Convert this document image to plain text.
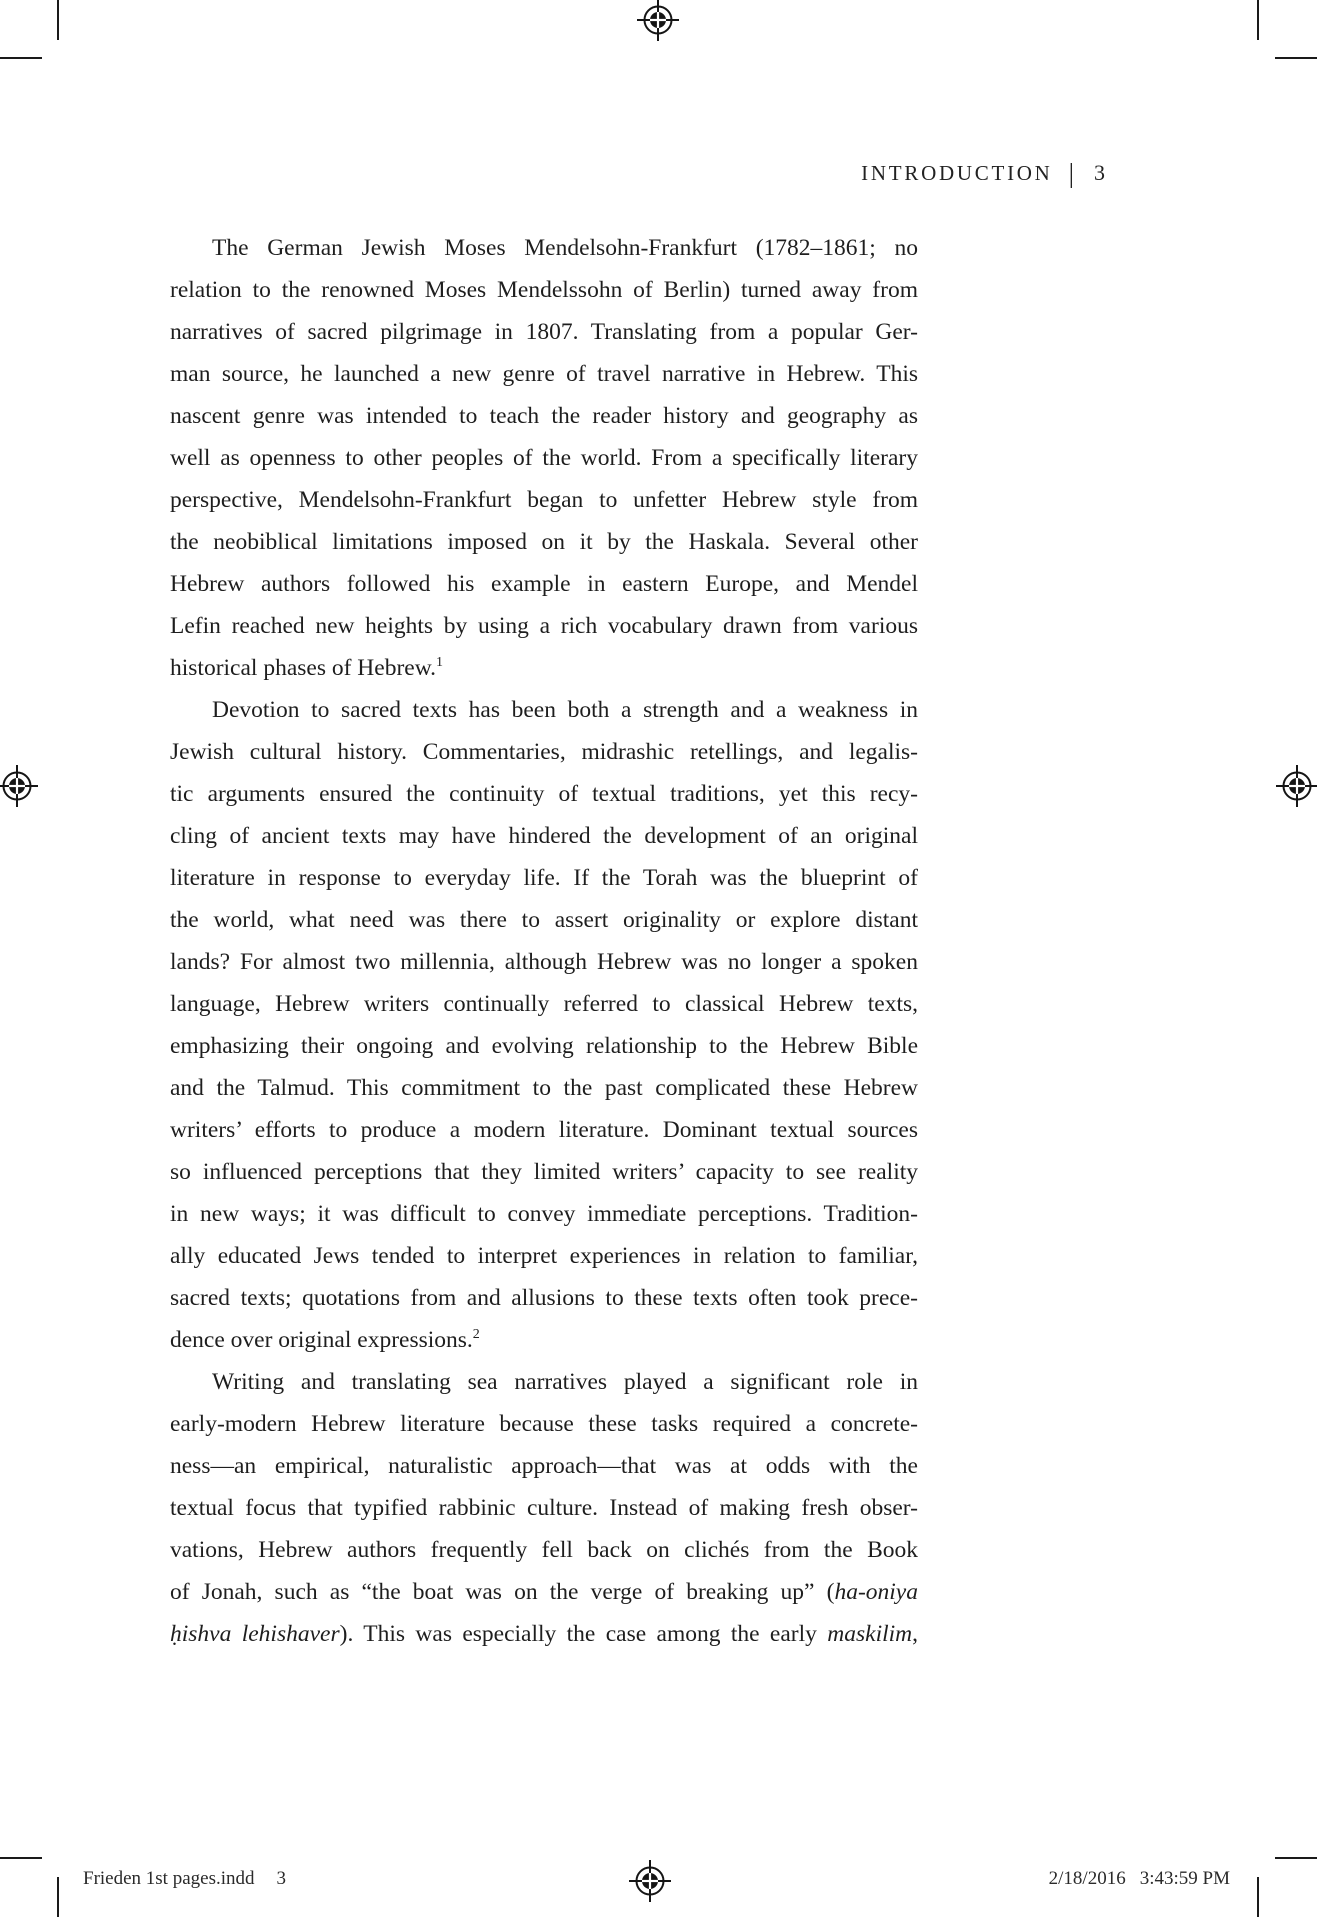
INTRODUCTION | 3
The German Jewish Moses Mendelsohn-Frankfurt (1782–1861; no
relation to the renowned Moses Mendelssohn of Berlin) turned away from
narratives of sacred pilgrimage in 1807. Translating from a popular Ger-
man source, he launched a new genre of travel narrative in Hebrew. This
nascent genre was intended to teach the reader history and geography as
well as openness to other peoples of the world. From a specifically literary
perspective, Mendelsohn-Frankfurt began to unfetter Hebrew style from
the neobiblical limitations imposed on it by the Haskala. Several other
Hebrew authors followed his example in eastern Europe, and Mendel
Lefin reached new heights by using a rich vocabulary drawn from various
historical phases of Hebrew.$^1$
Devotion to sacred texts has been both a strength and a weakness in
Jewish cultural history. Commentaries, midrashic retellings, and legalis-
tic arguments ensured the continuity of textual traditions, yet this recy-
cling of ancient texts may have hindered the development of an original
literature in response to everyday life. If the Torah was the blueprint of
the world, what need was there to assert originality or explore distant
lands? For almost two millennia, although Hebrew was no longer a spoken
language, Hebrew writers continually referred to classical Hebrew texts,
emphasizing their ongoing and evolving relationship to the Hebrew Bible
and the Talmud. This commitment to the past complicated these Hebrew
writers’ efforts to produce a modern literature. Dominant textual sources
so influenced perceptions that they limited writers’ capacity to see reality
in new ways; it was difficult to convey immediate perceptions. Tradition-
ally educated Jews tended to interpret experiences in relation to familiar,
sacred texts; quotations from and allusions to these texts often took prece-
dence over original expressions.$^2$
Writing and translating sea narratives played a significant role in
early-modern Hebrew literature because these tasks required a concrete-
ness—an empirical, naturalistic approach—that was at odds with the
textual focus that typified rabbinic culture. Instead of making fresh obser-
vations, Hebrew authors frequently fell back on clichés from the Book
of Jonah, such as “the boat was on the verge of breaking up” (ha-oniya
ḥishva lehishaver). This was especially the case among the early maskilim,
Frieden 1st pages.indd 3	2/18/2016 3:43:59 PM
